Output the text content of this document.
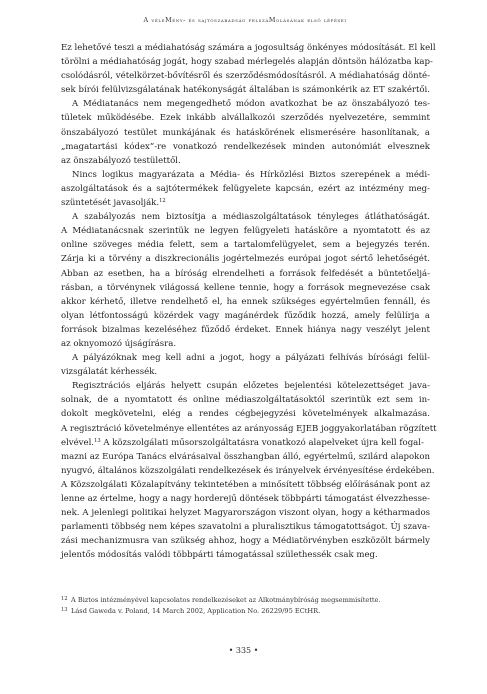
A véleMény- és sajtószabadság felszáMolásának első lépései

Ez lehetővé teszi a médiahatóság számára a jogosultság önkényes módosítását. El kell
törölni a médiahatóság jogát, hogy szabad mérlegelés alapján döntsön hálózatba kap-
csolódásról, vételkörzet-bővítésről és szerződésmódosításról. A médiahatóság dönté-
sek bírói felülvizsgálatának hatékonyságát általában is számonkérik az ET szakértői.

A Médiatanács nem megengedhető módon avatkozhat be az önszabályozó tes-
tületek működésébe. Ezek inkább alvállalkozói szerződés nyelvezetére, semmint
önszabályozó testület munkájának és hatáskörének elismerésére hasonlítanak, a
„magatartási kódex”-re vonatkozó rendelkezések minden autonómiát elvesznek
az önszabályozó testülettől.

Nincs logikus magyarázata a Média- és Hírközlési Biztos szerepének a médi-
aszolgáltatások és a sajtótermékek felügyelete kapcsán, ezért az intézmény meg-
szüntetését javasolják.$^{12}$

A szabályozás nem biztosítja a médiaszolgáltatások tényleges átláthatóságát.
A Médiatanácsnak szerintük ne legyen felügyeleti hatásköre a nyomtatott és az
online szöveges média felett, sem a tartalomfelügyelet, sem a bejegyzés terén.
Zárja ki a törvény a diszkrecionális jogértelmezés európai jogot sértő lehetőségét.
Abban az esetben, ha a bíróság elrendelheti a források felfedését a büntetőeljá-
rásban, a törvénynek világossá kellene tennie, hogy a források megnevezése csak
akkor kérhető, illetve rendelhető el, ha ennek szükséges egyértelműen fennáll, és
olyan létfontosságú közérdek vagy magánérdek fűződik hozzá, amely felülírja a
források bizalmas kezeléséhez fűződő érdeket. Ennek hiánya nagy veszélyt jelent
az oknyomozó újságírásra.

A pályázóknak meg kell adni a jogot, hogy a pályázati felhívás bírósági felül-
vizsgálatát kérhessék.

Regisztrációs eljárás helyett csupán előzetes bejelentési kötelezettséget java-
solnak, de a nyomtatott és online médiaszolgáltatásoktól szerintük ezt sem in-
dokolt megkövetelni, elég a rendes cégbejegyzési követelmények alkalmazása.
A regisztráció követelménye ellentétes az arányosság EJEB joggyakorlatában rögzített
elvével.$^{13}$ A közszolgálati műsorszolgáltatásra vonatkozó alapelveket újra kell fogal-
mazni az Európa Tanács elvárásaival összhangban álló, egyértelmű, szilárd alapokon
nyugvó, általános közszolgálati rendelkezések és irányelvek érvényesítése érdekében.
A Közszolgálati Közalapítvány tekintetében a minősített többség előírásának pont az
lenne az értelme, hogy a nagy horderejű döntések többpárti támogatást élvezzhesse-
nek. A jelenlegi politikai helyzet Magyarországon viszont olyan, hogy a kétharmados
parlamenti többség nem képes szavatolni a pluralisztikus támogatottságot. Új szava-
zási mechanizmusra van szükség ahhoz, hogy a Médiatörvényben eszközölt bármely
jelentős módosítás valódi többpárti támogatással születhessék csak meg.

12 A Biztos intézményével kapcsolatos rendelkezéseket az Alkotmánybíróság megsemmisítette.
13 Lásd Gaweda v. Poland, 14 March 2002, Application No. 26229/95 ECtHR.
• 335 •
